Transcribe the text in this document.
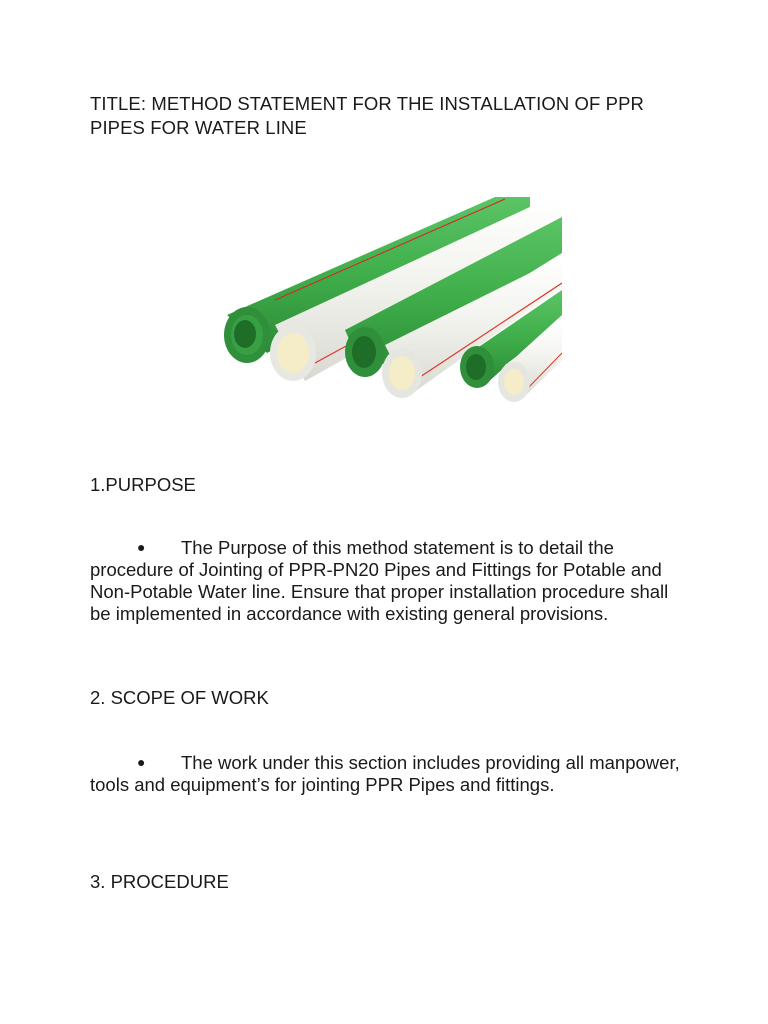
TITLE: METHOD STATEMENT FOR THE INSTALLATION OF PPR PIPES FOR WATER LINE
1.PURPOSE
● The Purpose of this method statement is to detail the procedure of Jointing of PPR-PN20 Pipes and Fittings for Potable and Non-Potable Water line. Ensure that proper installation procedure shall be implemented in accordance with existing general provisions.
2. SCOPE OF WORK
● The work under this section includes providing all manpower, tools and equipment’s for jointing PPR Pipes and fittings.
3. PROCEDURE
